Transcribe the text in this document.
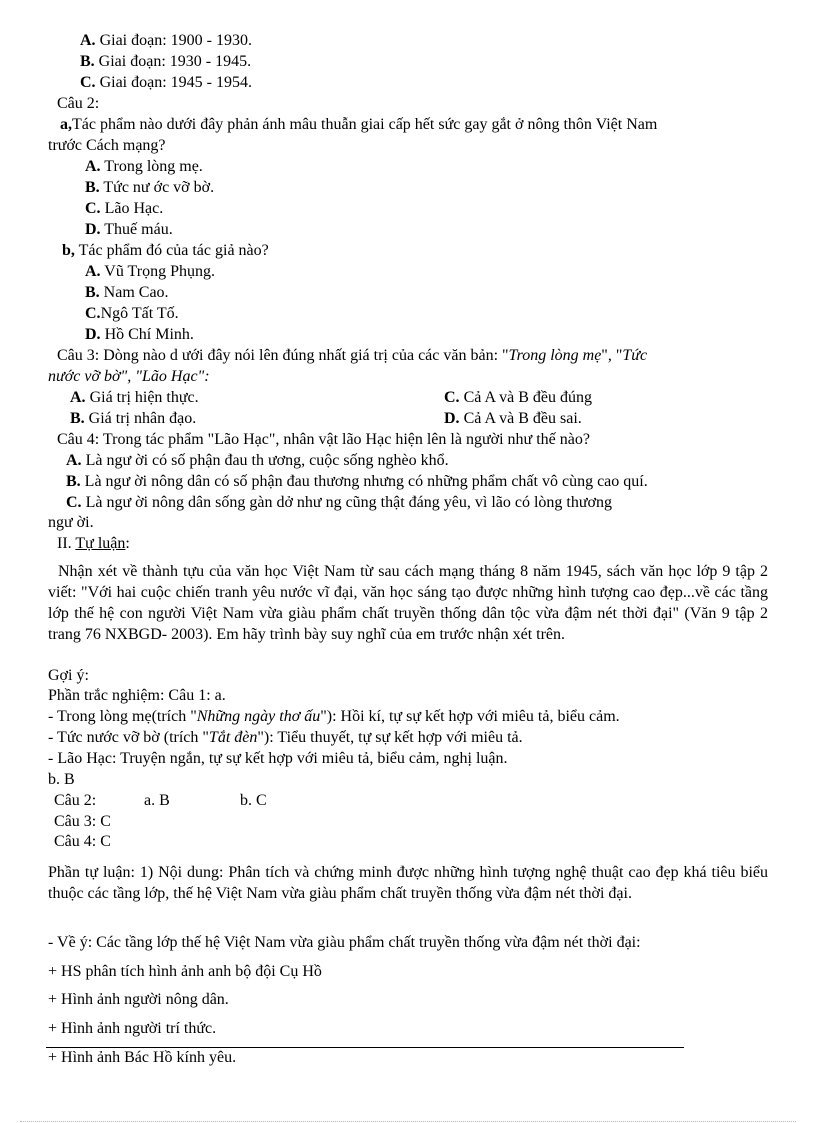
A. Giai đoạn: 1900 - 1930.
B. Giai đoạn: 1930 - 1945.
C. Giai đoạn: 1945 - 1954.
Câu 2:
a,Tác phẩm nào dưới đây phản ánh mâu thuẫn giai cấp hết sức gay gắt ở nông thôn Việt Nam
trước Cách mạng?
A. Trong lòng mẹ.
B. Tức nư ớc vỡ bờ.
C. Lão Hạc.
D. Thuế máu.
b, Tác phẩm đó của tác giả nào?
A. Vũ Trọng Phụng.
B. Nam Cao.
C.Ngô Tất Tố.
D. Hồ Chí Minh.
Câu 3: Dòng nào d ưới đây nói lên đúng nhất giá trị của các văn bản: "Trong lòng mẹ", "Tức
nước vỡ bờ", "Lão Hạc":
A. Giá trị hiện thực.	C. Cả A và B đều đúng
B. Giá trị nhân đạo.	D. Cả A và B đều sai.
Câu 4: Trong tác phẩm "Lão Hạc", nhân vật lão Hạc hiện lên là người như thế nào?
A. Là ngư ời có số phận đau th ương, cuộc sống nghèo khổ.
B. Là ngư ời nông dân có số phận đau thương nhưng có những phẩm chất vô cùng cao quí.
C. Là ngư ời nông dân sống gàn dở như ng cũng thật đáng yêu, vì lão có lòng thương
ngư ời.
II. Tự luận:
Nhận xét về thành tựu của văn học Việt Nam từ sau cách mạng tháng 8 năm 1945, sách văn học lớp 9 tập 2 viết: "Với hai cuộc chiến tranh yêu nước vĩ đại, văn học sáng tạo được những hình tượng cao đẹp...về các tầng lớp thế hệ con người Việt Nam vừa giàu phẩm chất truyền thống dân tộc vừa đậm nét thời đại" (Văn 9 tập 2 trang 76 NXBGD- 2003). Em hãy trình bày suy nghĩ của em trước nhận xét trên.
Gợi ý:
Phần trắc nghiệm: Câu 1: a.
- Trong lòng mẹ(trích "Những ngày thơ ấu"): Hồi kí, tự sự kết hợp với miêu tả, biểu cảm.
- Tức nước vỡ bờ (trích "Tắt đèn"): Tiểu thuyết, tự sự kết hợp với miêu tả.
- Lão Hạc: Truyện ngắn, tự sự kết hợp với miêu tả, biểu cảm, nghị luận.
b. B
Câu 2:	a. B	b. C
Câu 3: C
Câu 4: C
Phần tự luận: 1) Nội dung: Phân tích và chứng minh được những hình tượng nghệ thuật cao đẹp khá tiêu biểu thuộc các tầng lớp, thế hệ Việt Nam vừa giàu phẩm chất truyền thống vừa đậm nét thời đại.
- Về ý: Các tầng lớp thế hệ Việt Nam vừa giàu phẩm chất truyền thống vừa đậm nét thời đại:
+ HS phân tích hình ảnh anh bộ đội Cụ Hồ
+ Hình ảnh người nông dân.
+ Hình ảnh người trí thức.
+ Hình ảnh Bác Hồ kính yêu.
